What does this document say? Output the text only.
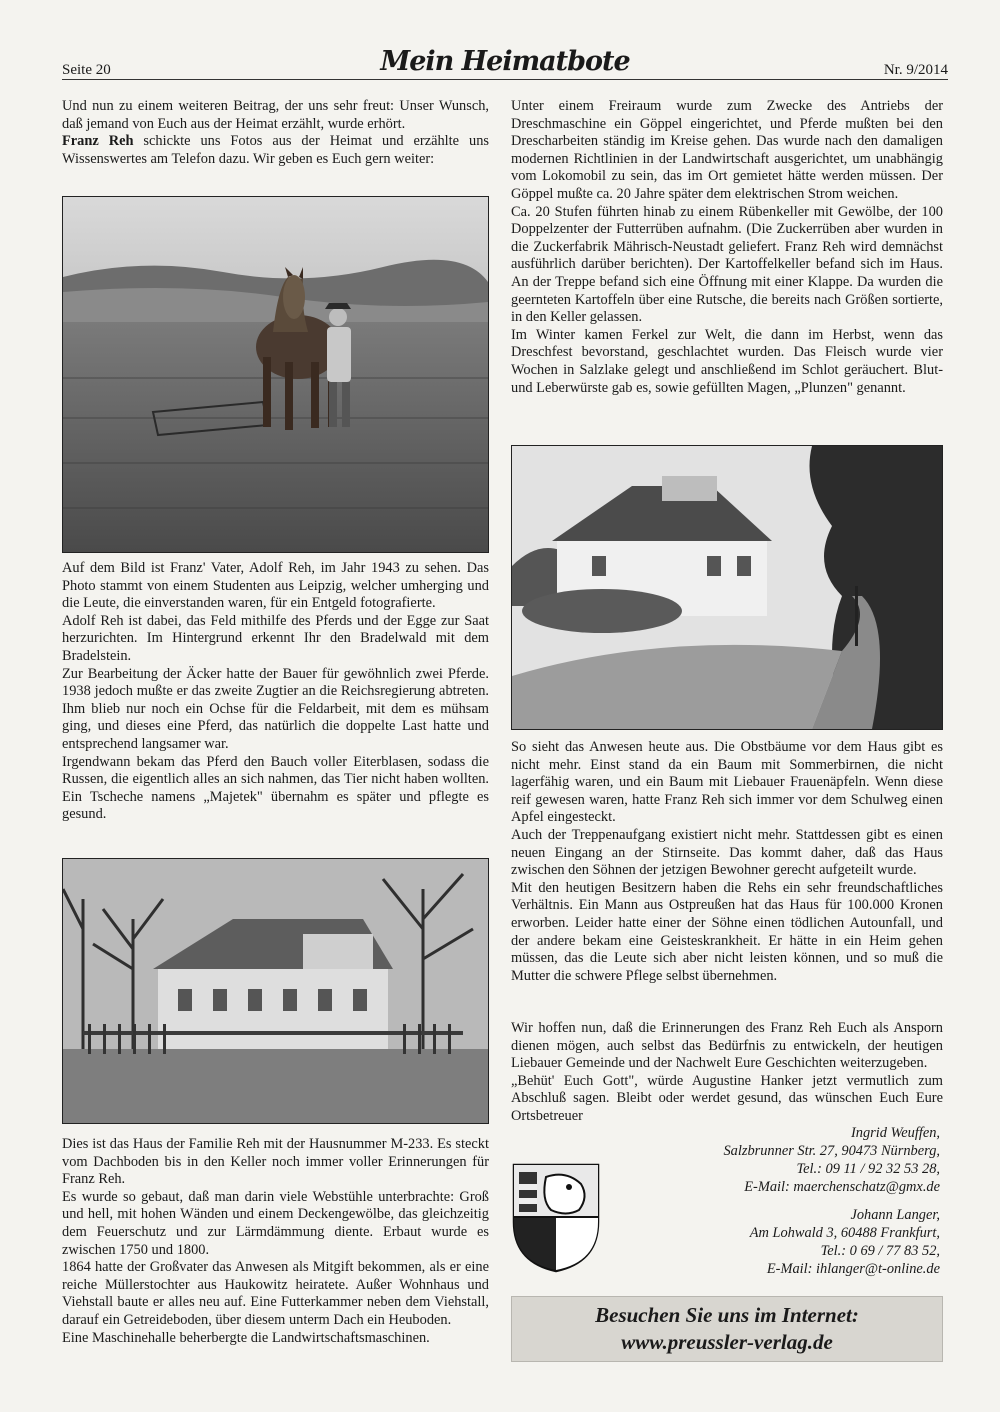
Seite 20	Mein Heimatbote	Nr. 9/2014

Und nun zu einem weiteren Beitrag, der uns sehr freut: Unser Wunsch, daß jemand von Euch aus der Heimat erzählt, wurde erhört.

Franz Reh schickte uns Fotos aus der Heimat und erzählte uns Wissenswertes am Telefon dazu. Wir geben es Euch gern weiter:

Auf dem Bild ist Franz' Vater, Adolf Reh, im Jahr 1943 zu sehen. Das Photo stammt von einem Studenten aus Leipzig, welcher umherging und die Leute, die einverstanden waren, für ein Entgeld fotografierte.

Adolf Reh ist dabei, das Feld mithilfe des Pferds und der Egge zur Saat herzurichten. Im Hintergrund erkennt Ihr den Bradelwald mit dem Bradelstein.

Zur Bearbeitung der Äcker hatte der Bauer für gewöhnlich zwei Pferde. 1938 jedoch mußte er das zweite Zugtier an die Reichsregierung abtreten. Ihm blieb nur noch ein Ochse für die Feldarbeit, mit dem es mühsam ging, und dieses eine Pferd, das natürlich die doppelte Last hatte und entsprechend langsamer war.

Irgendwann bekam das Pferd den Bauch voller Eiterblasen, sodass die Russen, die eigentlich alles an sich nahmen, das Tier nicht haben wollten. Ein Tscheche namens „Majetek" übernahm es später und pflegte es gesund.

Dies ist das Haus der Familie Reh mit der Hausnummer M-233. Es steckt vom Dachboden bis in den Keller noch immer voller Erinnerungen für Franz Reh.

Es wurde so gebaut, daß man darin viele Webstühle unterbrachte: Groß und hell, mit hohen Wänden und einem Deckengewölbe, das gleichzeitig dem Feuerschutz und zur Lärmdämmung diente. Erbaut wurde es zwischen 1750 und 1800.

1864 hatte der Großvater das Anwesen als Mitgift bekommen, als er eine reiche Müllerstochter aus Haukowitz heiratete. Außer Wohnhaus und Viehstall baute er alles neu auf. Eine Futterkammer neben dem Viehstall, darauf ein Getreideboden, über diesem unterm Dach ein Heuboden.

Eine Maschinehalle beherbergte die Landwirtschaftsmaschinen.

Unter einem Freiraum wurde zum Zwecke des Antriebs der Dreschmaschine ein Göppel eingerichtet, und Pferde mußten bei den Drescharbeiten ständig im Kreise gehen. Das wurde nach den damaligen modernen Richtlinien in der Landwirtschaft ausgerichtet, um unabhängig vom Lokomobil zu sein, das im Ort gemietet hätte werden müssen. Der Göppel mußte ca. 20 Jahre später dem elektrischen Strom weichen.

Ca. 20 Stufen führten hinab zu einem Rübenkeller mit Gewölbe, der 100 Doppelzenter der Futterrüben aufnahm. (Die Zuckerrüben aber wurden in die Zuckerfabrik Mährisch-Neustadt geliefert. Franz Reh wird demnächst ausführlich darüber berichten). Der Kartoffelkeller befand sich im Haus. An der Treppe befand sich eine Öffnung mit einer Klappe. Da wurden die geernteten Kartoffeln über eine Rutsche, die bereits nach Größen sortierte, in den Keller gelassen.

Im Winter kamen Ferkel zur Welt, die dann im Herbst, wenn das Dreschfest bevorstand, geschlachtet wurden. Das Fleisch wurde vier Wochen in Salzlake gelegt und anschließend im Schlot geräuchert. Blut- und Leberwürste gab es, sowie gefüllten Magen, „Plunzen" genannt.

So sieht das Anwesen heute aus. Die Obstbäume vor dem Haus gibt es nicht mehr. Einst stand da ein Baum mit Sommerbirnen, die nicht lagerfähig waren, und ein Baum mit Liebauer Frauenäpfeln. Wenn diese reif gewesen waren, hatte Franz Reh sich immer vor dem Schulweg einen Apfel eingesteckt.

Auch der Treppenaufgang existiert nicht mehr. Stattdessen gibt es einen neuen Eingang an der Stirnseite. Das kommt daher, daß das Haus zwischen den Söhnen der jetzigen Bewohner gerecht aufgeteilt wurde.

Mit den heutigen Besitzern haben die Rehs ein sehr freundschaftliches Verhältnis. Ein Mann aus Ostpreußen hat das Haus für 100.000 Kronen erworben. Leider hatte einer der Söhne einen tödlichen Autounfall, und der andere bekam eine Geisteskrankheit. Er hätte in ein Heim gehen müssen, das die Leute sich aber nicht leisten können, und so muß die Mutter die schwere Pflege selbst übernehmen.

Wir hoffen nun, daß die Erinnerungen des Franz Reh Euch als Ansporn dienen mögen, auch selbst das Bedürfnis zu entwickeln, der heutigen Liebauer Gemeinde und der Nachwelt Eure Geschichten weiterzugeben.

„Behüt' Euch Gott", würde Augustine Hanker jetzt vermutlich zum Abschluß sagen. Bleibt oder werdet gesund, das wünschen Euch Eure Ortsbetreuer

Ingrid Weuffen,
Salzbrunner Str. 27, 90473 Nürnberg,
Tel.: 09 11 / 92 32 53 28,
E-Mail: maerchenschatz@gmx.de
Johann Langer,
Am Lohwald 3, 60488 Frankfurt,
Tel.: 0 69 / 77 83 52,
E-Mail: ihlanger@t-online.de
Besuchen Sie uns im Internet:
www.preussler-verlag.de
